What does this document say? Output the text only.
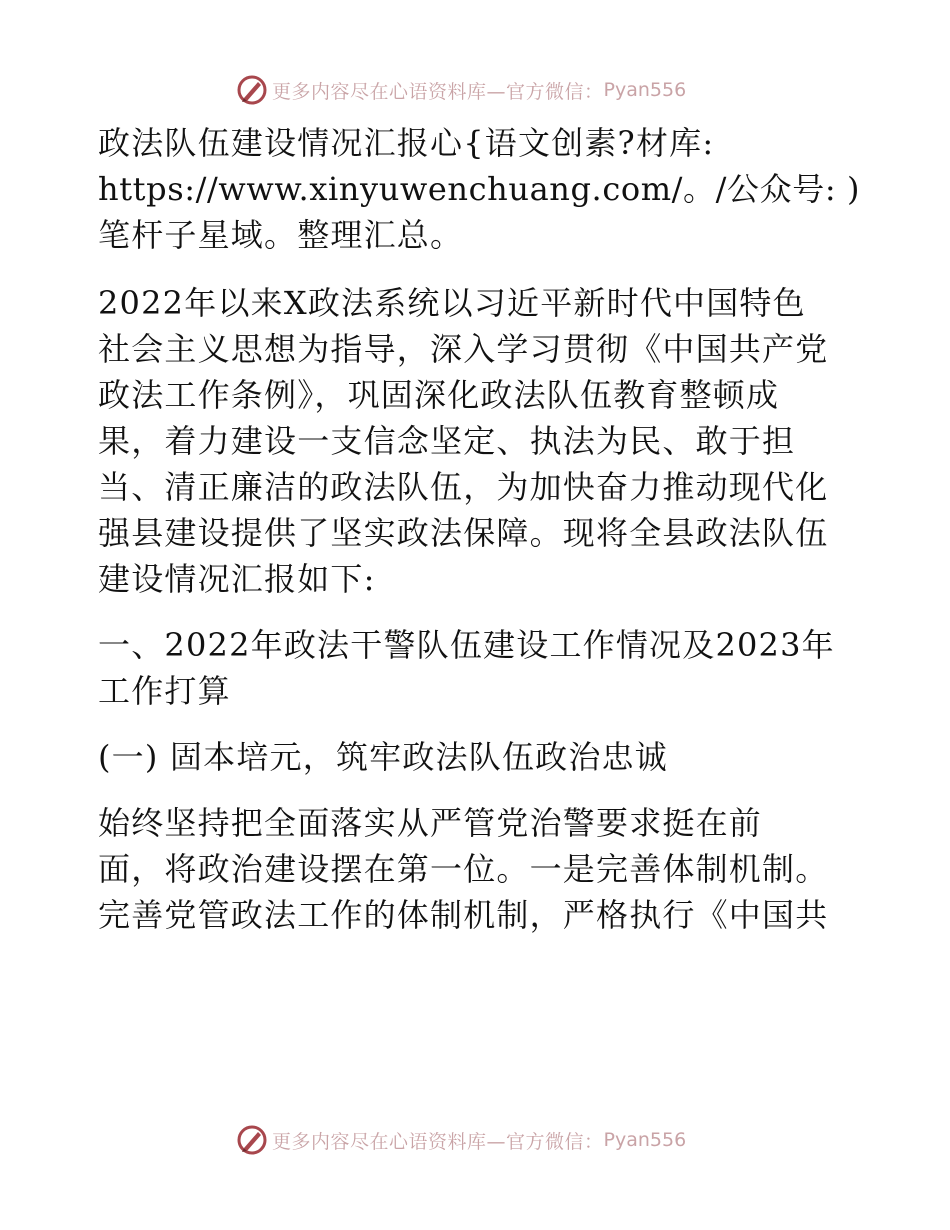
更多内容尽在心语资料库—官方微信： Pyan556
政法队伍建设情况汇报心{语文创素?材库:
https://www.xinyuwenchuang.com/。/公众号: )
笔杆子星域。整理汇总。
2022年以来X政法系统以习近平新时代中国特色
社会主义思想为指导，深入学习贯彻《中国共产党
政法工作条例》，巩固深化政法队伍教育整顿成
果，着力建设一支信念坚定、执法为民、敢于担
当、清正廉洁的政法队伍，为加快奋力推动现代化
强县建设提供了坚实政法保障。现将全县政法队伍
建设情况汇报如下:
一、2022年政法干警队伍建设工作情况及2023年
工作打算
(一) 固本培元，筑牢政法队伍政治忠诚
始终坚持把全面落实从严管党治警要求挺在前
面，将政治建设摆在第一位。一是完善体制机制。
完善党管政法工作的体制机制，严格执行《中国共
更多内容尽在心语资料库—官方微信： Pyan556
